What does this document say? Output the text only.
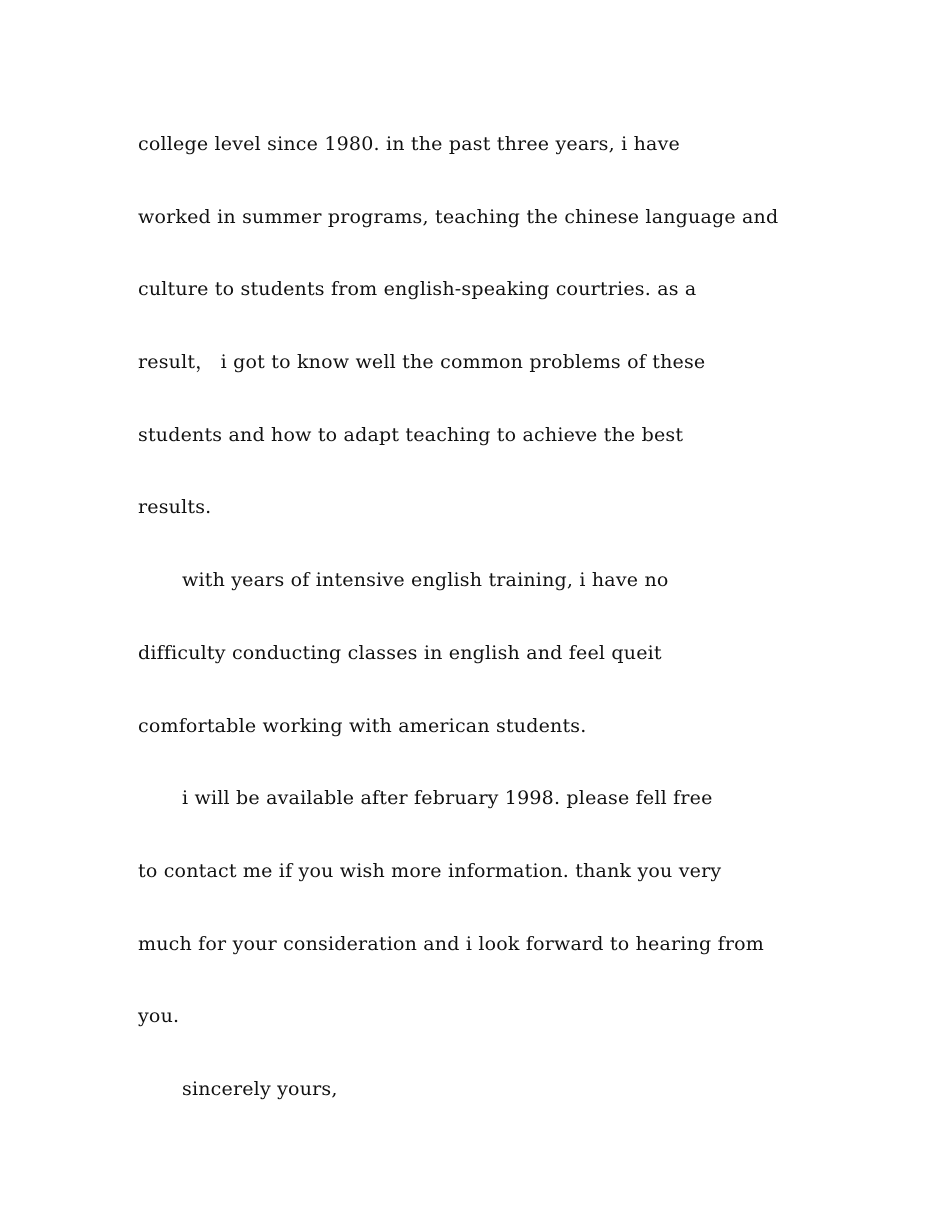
college level since 1980. in the past three years, i have
worked in summer programs, teaching the chinese language and
culture to students from english-speaking courtries. as a
result， i got to know well the common problems of these
students and how to adapt teaching to achieve the best
results.
with years of intensive english training, i have no
difficulty conducting classes in english and feel queit
comfortable working with american students.
i will be available after february 1998. please fell free
to contact me if you wish more information. thank you very
much for your consideration and i look forward to hearing from
you.
sincerely yours,
